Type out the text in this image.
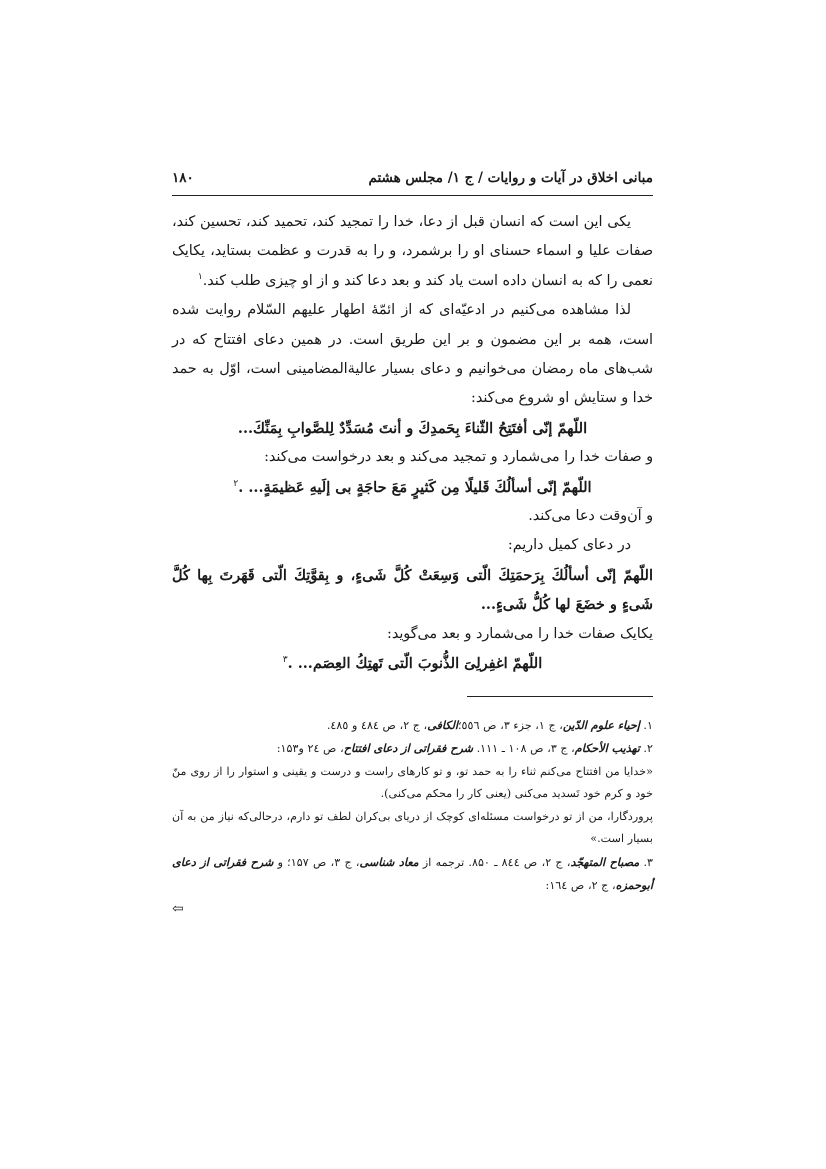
مبانی اخلاق در آیات و روایات / ج ۱/ مجلس هشتم
۱۸۰

یکی این است که انسان قبل از دعا، خدا را تمجید کند، تحمید کند، تحسین کند، صفات علیا و اسماء حسنای او را برشمرد، و را به قدرت و عظمت بستاید، یکایک نعمی را که به انسان داده است یاد کند و بعد دعا کند و از او چیزی طلب کند.$^۱$

لذا مشاهده می‌کنیم در ادعیّه‌ای که از ائمّهٔ اطهار علیهم السّلام روایت شده است، همه بر این مضمون و بر این طریق است. در همین دعای افتتاح که در شب‌های ماه رمضان می‌خوانیم و دعای بسیار عالیةالمضامینی است، اوّل به حمد خدا و ستایش او شروع می‌کند:

اللّهمّ إنّی أفتَتِحُ الثّناءَ بِحَمدِكَ و أنتَ مُسَدِّدٌ لِلصَّوابِ بِمَنِّكَ...

و صفات خدا را می‌شمارد و تمجید می‌کند و بعد درخواست می‌کند:

اللّهمّ إنّی أسألُكَ قَلیلًا مِن كَثیرٍ مَعَ حاجَةٍ بی إلَیهِ عَظیمَةٍ... .$^۲$

و آن‌وقت دعا می‌کند.

در دعای کمیل داریم:

اللّهمّ إنّی أسألُكَ بِرَحمَتِكَ الّتی وَسِعَتْ كُلَّ شَیءٍ، و بِقوَّتِكَ الّتی قَهَرتَ بِها كُلَّ شَیءٍ و خضَعَ لها كُلُّ شَیءٍ...

یکایک صفات خدا را می‌شمارد و بعد می‌گوید:

اللّهمّ اغفِرلِیَ الذُّنوبَ الّتی تَهتِكُ العِصَم... .$^۳$

۱. إحیاء علوم الدّین، ج ۱، جزء ۳، ص ٥٥٦؛الکافی، ج ۲، ص ٤٨٤ و ٤٨٥.

۲. تهذیب الأحکام، ج ۳، ص ۱۰۸ ـ ۱۱۱. شرح فقراتی از دعای افتتاح، ص ٢٤ و۱۵۳:

«خدایا من افتتاح می‌کنم ثناء را به حمد تو، و تو کارهای راست و درست و یقینی و استوار را از روی منّ خود و کرم خود تَسدید می‌کنی (یعنی کار را محکم می‌کنی).

پروردگارا، من از تو درخواست مسئله‌ای کوچک از دریای بی‌کران لطف تو دارم، درحالی‌که نیاز من به آن بسیار است.»

۳. مصباح المتهجّد، ج ۲، ص ۸٤٤ ـ ۸۵۰. ترجمه از معاد شناسی، ج ۳، ص ۱۵۷؛ و شرح فقراتی از دعای أبوحمزه، ج ۲، ص ١٦٤:

⇦
